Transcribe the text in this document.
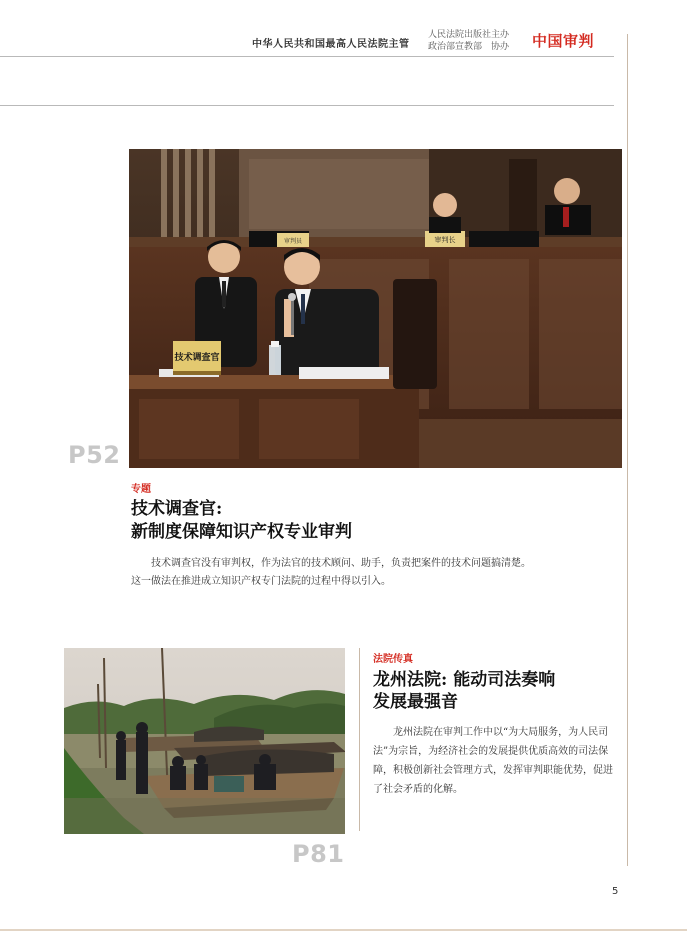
中华人民共和国最高人民法院主管
人民法院出版社主办
政治部宣教部　协办 中国审判
审判员	审判长
技术调查官
P52
专题
技术调查官:
新制度保障知识产权专业审判

技术调查官没有审判权，作为法官的技术顾问、助手，负责把案件的技术问题搞清楚。

这一做法在推进成立知识产权专门法院的过程中得以引入。

P81
法院传真
龙州法院: 能动司法奏响
发展最强音

龙州法院在审判工作中以“为大局服务，为人民司法”为宗旨，为经济社会的发展提供优质高效的司法保障，积极创新社会管理方式，发挥审判职能优势，促进了社会矛盾的化解。

5
